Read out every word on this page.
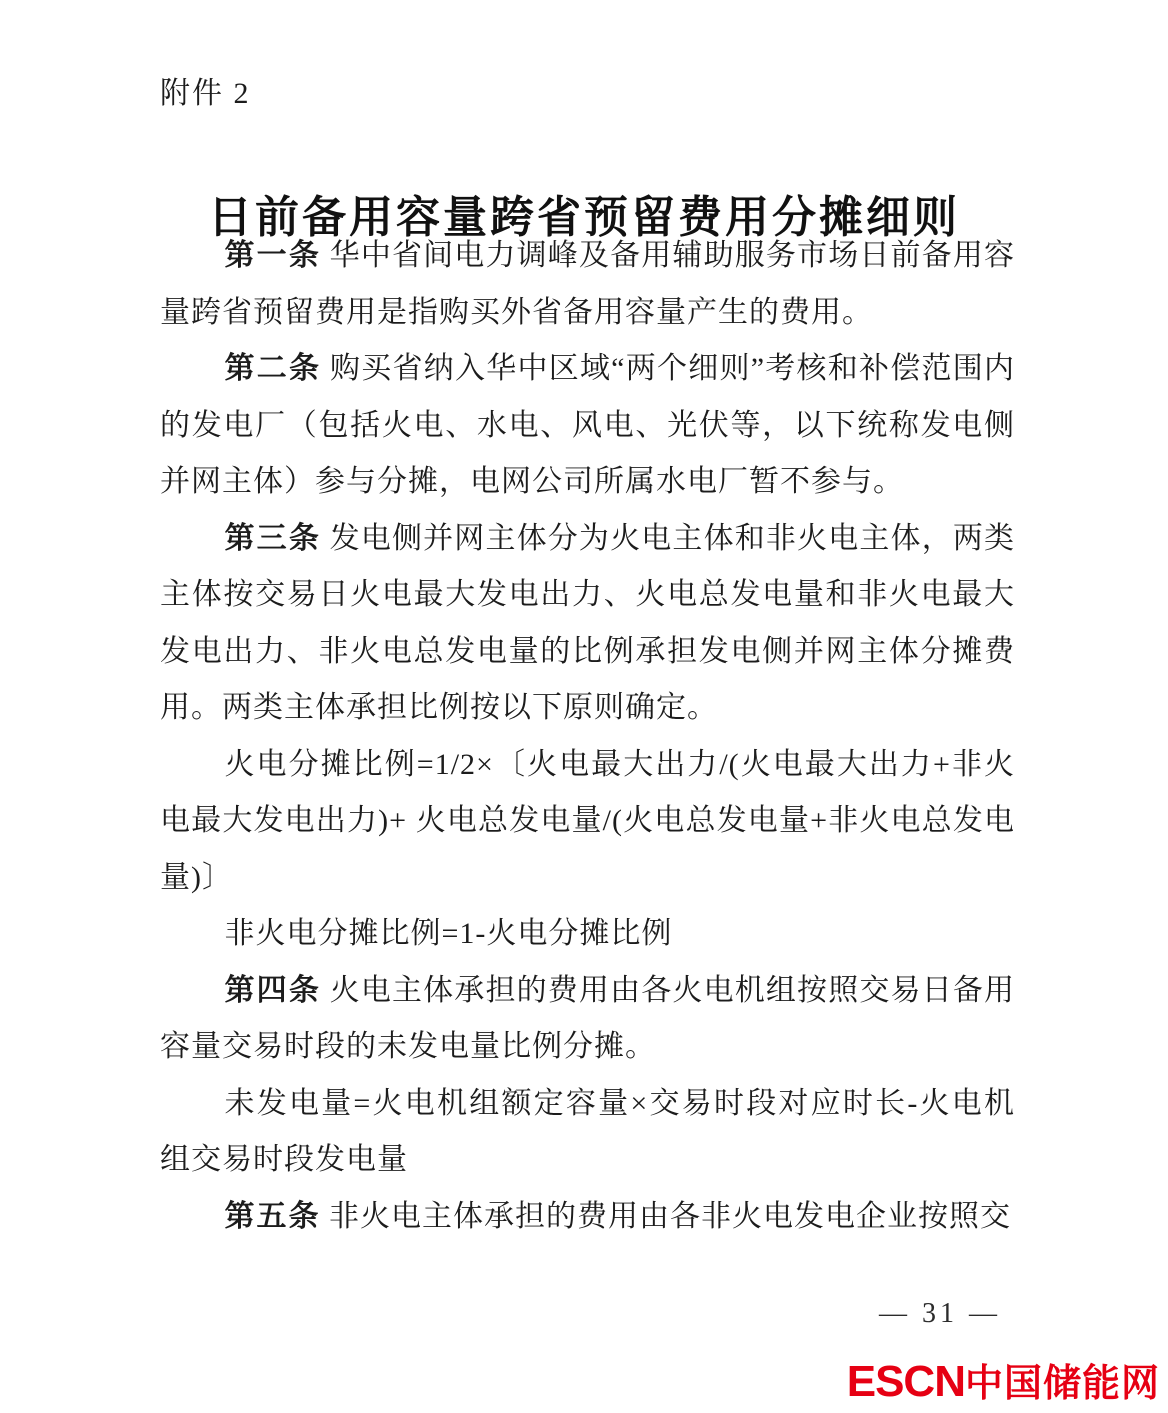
附件 2
日前备用容量跨省预留费用分摊细则

第一条 华中省间电力调峰及备用辅助服务市场日前备用容量跨省预留费用是指购买外省备用容量产生的费用。

第二条 购买省纳入华中区域“两个细则”考核和补偿范围内的发电厂（包括火电、水电、风电、光伏等，以下统称发电侧并网主体）参与分摊，电网公司所属水电厂暂不参与。

第三条 发电侧并网主体分为火电主体和非火电主体，两类主体按交易日火电最大发电出力、火电总发电量和非火电最大发电出力、非火电总发电量的比例承担发电侧并网主体分摊费用。两类主体承担比例按以下原则确定。

火电分摊比例=1/2×〔火电最大出力/(火电最大出力+非火电最大发电出力)+ 火电总发电量/(火电总发电量+非火电总发电量)〕

非火电分摊比例=1-火电分摊比例

第四条 火电主体承担的费用由各火电机组按照交易日备用容量交易时段的未发电量比例分摊。

未发电量=火电机组额定容量×交易时段对应时长-火电机组交易时段发电量

第五条 非火电主体承担的费用由各非火电发电企业按照交

— 31 —
ESCN 中国储能网
